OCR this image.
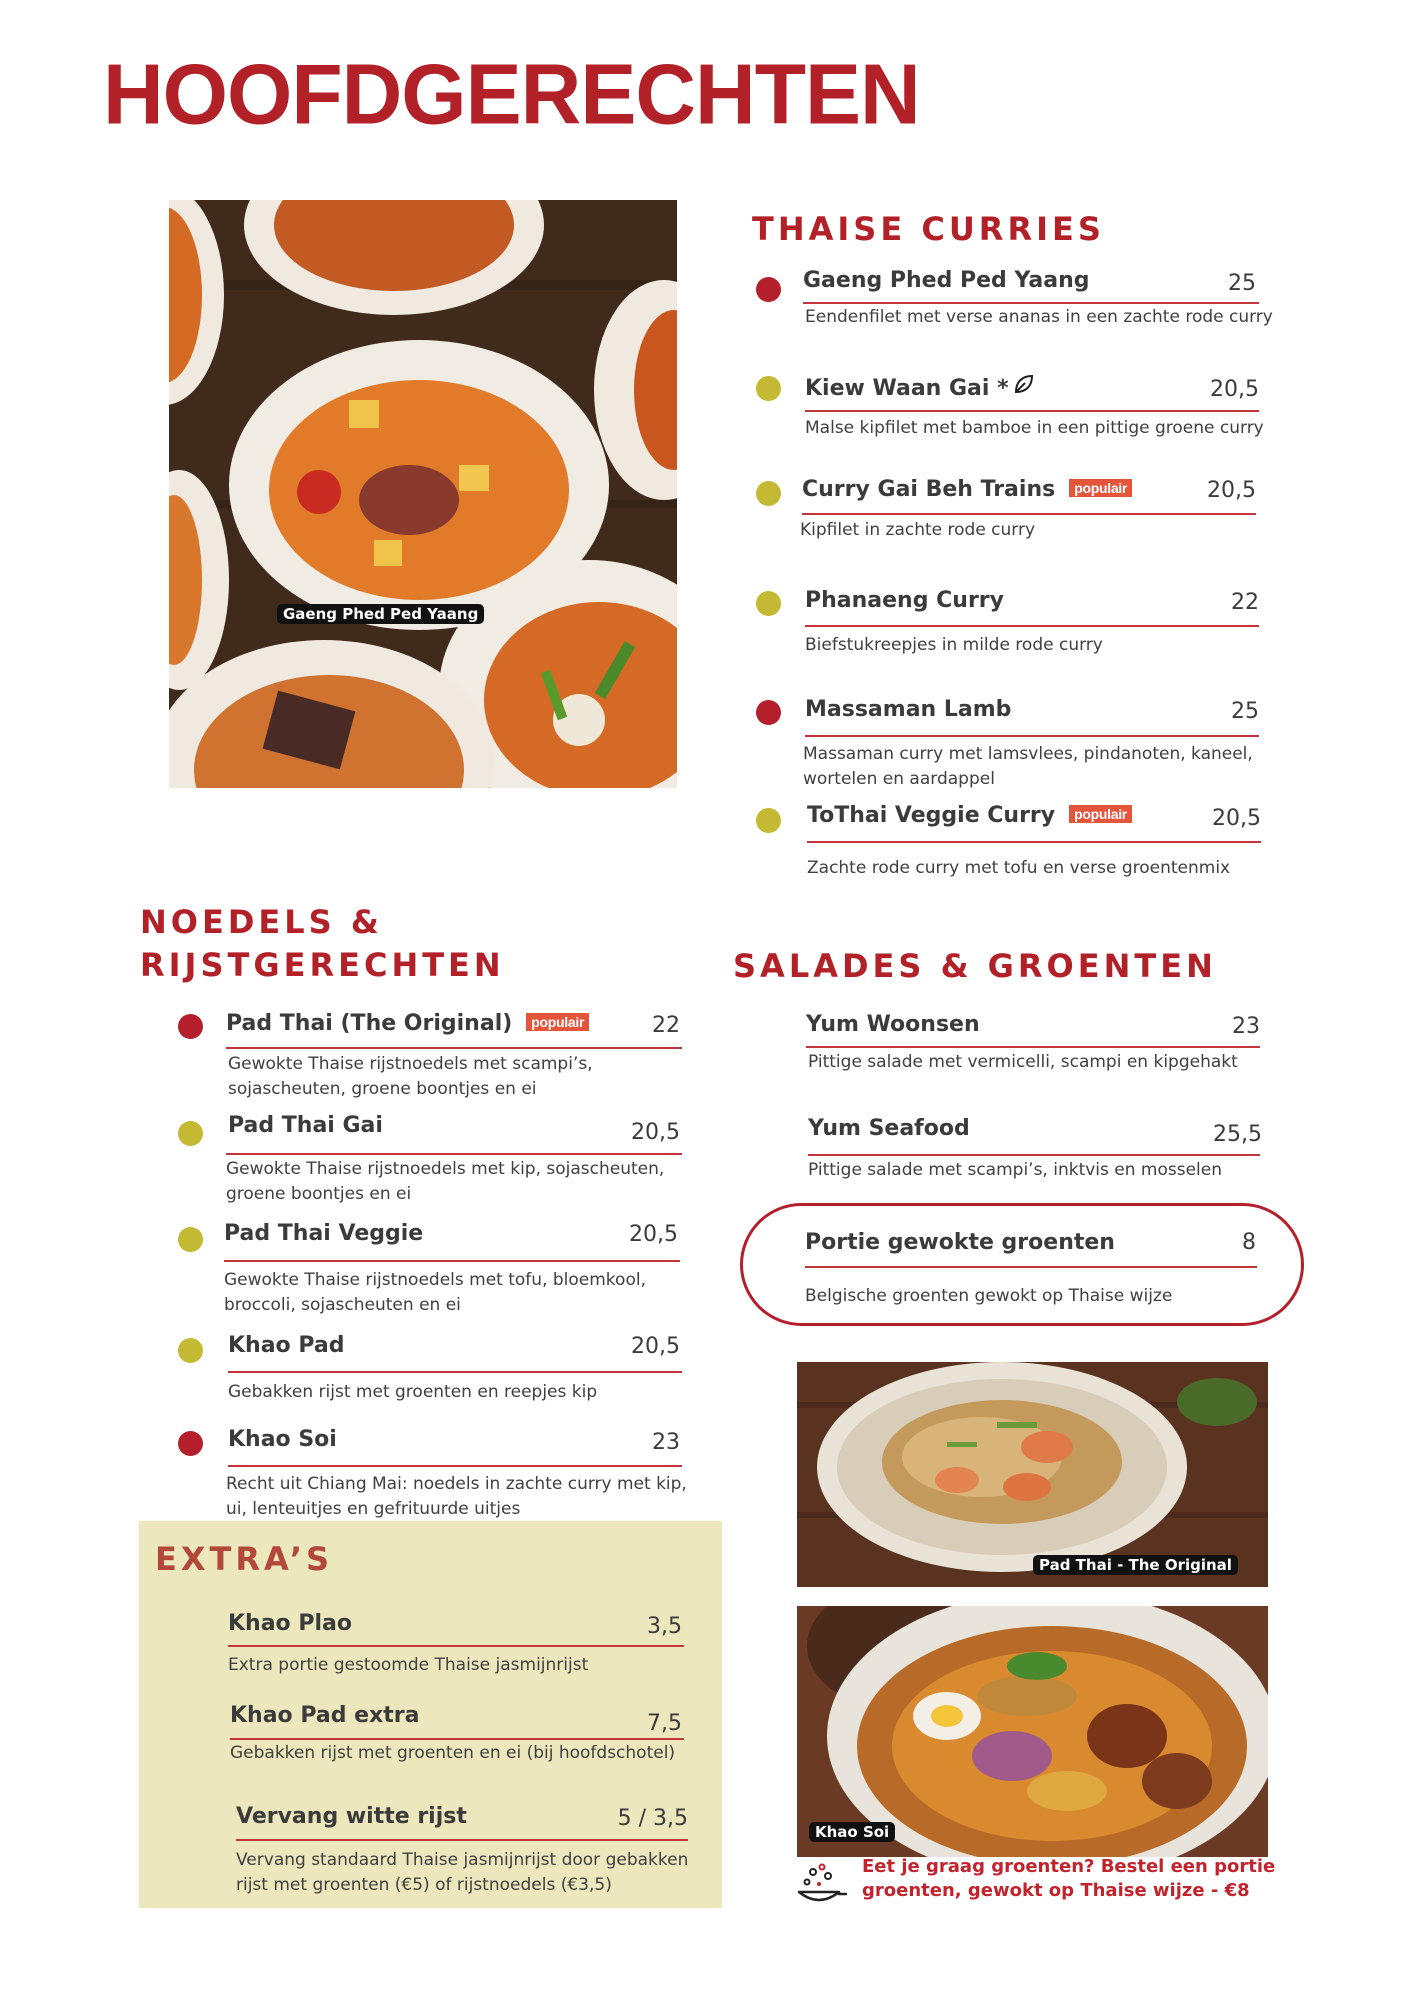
HOOFDGERECHTEN
Gaeng Phed Ped Yaang
THAISE CURRIES
Gaeng Phed Ped Yaang	25
Eendenfilet met verse ananas in een zachte rode curry
Kiew Waan Gai *	20,5
Malse kipfilet met bamboe in een pittige groene curry
Curry Gai Beh Trains populair	20,5
Kipfilet in zachte rode curry
Phanaeng Curry	22
Biefstukreepjes in milde rode curry
Massaman Lamb	25
Massaman curry met lamsvlees, pindanoten, kaneel, wortelen en aardappel
ToThai Veggie Curry populair	20,5
Zachte rode curry met tofu en verse groentenmix
NOEDELS &
RIJSTGERECHTEN
Pad Thai (The Original) populair	22
Gewokte Thaise rijstnoedels met scampi’s, sojascheuten, groene boontjes en ei
Pad Thai Gai	20,5
Gewokte Thaise rijstnoedels met kip, sojascheuten, groene boontjes en ei
Pad Thai Veggie	20,5
Gewokte Thaise rijstnoedels met tofu, bloemkool, broccoli, sojascheuten en ei
Khao Pad	20,5
Gebakken rijst met groenten en reepjes kip
Khao Soi	23
Recht uit Chiang Mai: noedels in zachte curry met kip, ui, lenteuitjes en gefrituurde uitjes
EXTRA’S
Khao Plao	3,5
Extra portie gestoomde Thaise jasmijnrijst
Khao Pad extra	7,5
Gebakken rijst met groenten en ei (bij hoofdschotel)
Vervang witte rijst	5 / 3,5
Vervang standaard Thaise jasmijnrijst door gebakken rijst met groenten (€5) of rijstnoedels (€3,5)
SALADES & GROENTEN
Yum Woonsen	23
Pittige salade met vermicelli, scampi en kipgehakt
Yum Seafood	25,5
Pittige salade met scampi’s, inktvis en mosselen
Portie gewokte groenten	8
Belgische groenten gewokt op Thaise wijze
Pad Thai - The Original
Khao Soi
Eet je graag groenten? Bestel een portie groenten, gewokt op Thaise wijze - €8
